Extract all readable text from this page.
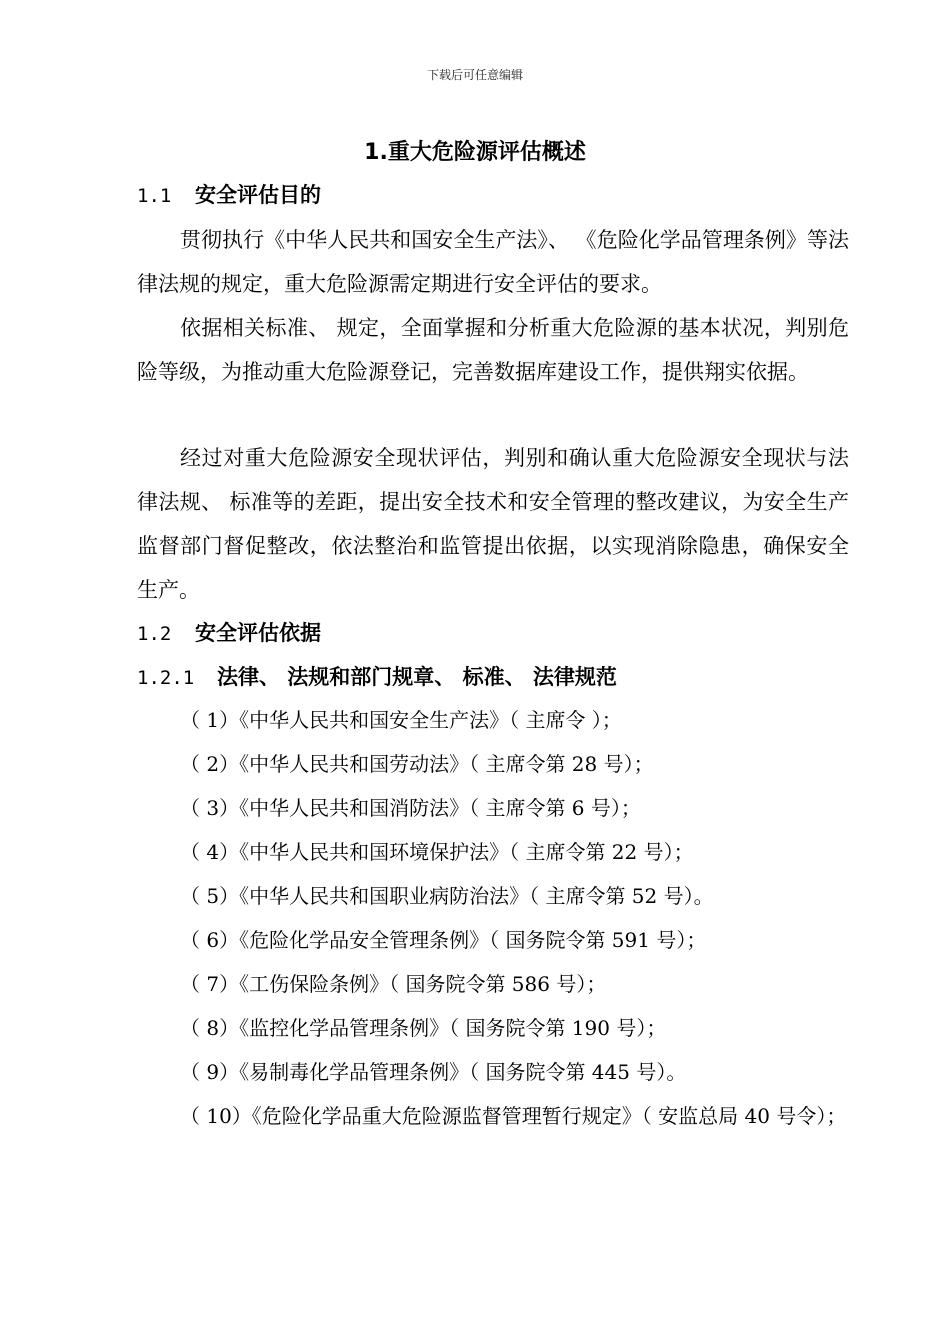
下载后可任意编辑
1.重大危险源评估概述
1.1 安全评估目的

贯彻执行《中华人民共和国安全生产法》、 《危险化学品管理条例》等法律法规的规定，重大危险源需定期进行安全评估的要求。

依据相关标准、 规定，全面掌握和分析重大危险源的基本状况，判别危险等级，为推动重大危险源登记，完善数据库建设工作，提供翔实依据。

经过对重大危险源安全现状评估，判别和确认重大危险源安全现状与法律法规、 标准等的差距，提出安全技术和安全管理的整改建议，为安全生产监督部门督促整改，依法整治和监管提出依据，以实现消除隐患，确保安全生产。

1.2 安全评估依据
1.2.1 法律、 法规和部门规章、 标准、 法律规范
（ 1）《中华人民共和国安全生产法》（ 主席令 ）；
（ 2）《中华人民共和国劳动法》（ 主席令第 28 号）；
（ 3）《中华人民共和国消防法》（ 主席令第 6 号）；
（ 4）《中华人民共和国环境保护法》（ 主席令第 22 号）；
（ 5）《中华人民共和国职业病防治法》（ 主席令第 52 号）。
（ 6）《危险化学品安全管理条例》（ 国务院令第 591 号）；
（ 7）《工伤保险条例》（ 国务院令第 586 号）；
（ 8）《监控化学品管理条例》（ 国务院令第 190 号）；
（ 9）《易制毒化学品管理条例》（ 国务院令第 445 号）。
（ 10）《危险化学品重大危险源监督管理暂行规定》（ 安监总局 40 号令）；
